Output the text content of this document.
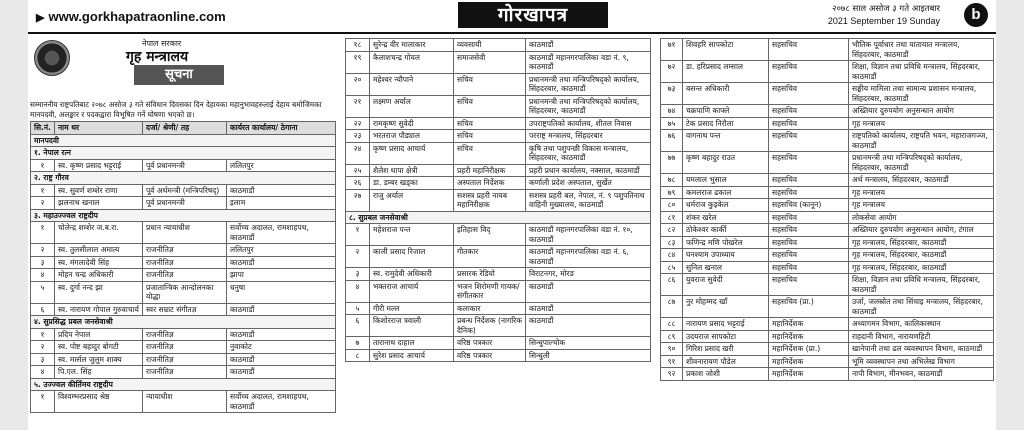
▶ www.gorkhapatraonline.com	गोरखापत्र	२०७८ साल असोज ३ गते आइतबार
2021 September 19 Sunday	b
नेपाल सरकार
गृह मन्त्रालय
सूचना

सम्माननीय राष्ट्रपतिबाट २०७८ असोज ३ गते संविधान दिवसका दिन देहायका महानुभावहरुलाई देहाय बमोजिमका मानपदवी, अलङ्कार र पदकद्वारा विभूषित गर्ने घोषणा भएको छ।

सि.नं.	नाम थर	दर्जा/ श्रेणी/ तह	कार्यरत कार्यालय/ ठेगाना
मानपदवी			
१. नेपाल रत्न			
१	स्व. कृष्ण प्रसाद भट्टराई	पूर्व प्रधानमन्त्री	ललितपुर
२. राष्ट्र गौरव			
१	स्व. सुवर्ण शम्शेर राणा	पूर्व अर्थमन्त्री (मन्त्रिपरिषद्)	काठमाडौं
२	झलनाथ खनाल	पूर्व प्रधानमन्त्री	इलाम
३. महाउज्ज्वल राष्ट्रदीप			
१	चोलेन्द्र शम्शेर ज.ब.रा.	प्रधान न्यायाधीश	सर्वोच्च अदालत, रामशाहपथ, काठमाडौं
२	स्व. तुलसीलाल अमात्य	राजनीतिज्ञ	ललितपुर
३	स्व. मंगलादेवी सिंह	राजनीतिज्ञ	काठमाडौं
४	मोहन चन्द्र अधिकारी	राजनीतिज्ञ	झापा
५	स्व. दुर्गा नन्द झा	प्रजातान्त्रिक आन्दोलनका योद्धा	धनुषा
६	स्व. नारायण गोपाल गुरुवाचार्य	स्वर सम्राट संगीतज्ञ	काठमाडौं
४. सुप्रसिद्ध प्रबल जनसेवाश्री			
१	प्रदिप नेपाल	राजनीतिज्ञ	काठमाडौं
२	स्व. पोष्ट बहादुर बोगटी	राजनीतिज्ञ	नुवाकोट
३	स्व. मार्सल जुलुम शाक्य	राजनीतिज्ञ	काठमाडौं
४	पि.एल. सिंह	राजनीतिज्ञ	काठमाडौं
५. उज्ज्वल कीर्तिमय राष्ट्रदीप			
१	विश्वम्भरप्रसाद श्रेष्ठ	न्यायाधीश	सर्वोच्च अदालत, रामशाहपथ, काठमाडौं
१८	सुरेन्द्र वीर मालाकार	व्यवसायी	काठमाडौं
१९	कैलाशचन्द्र गोयल	समाजसेवी	काठमाडौं महानगरपालिका वडा नं. ९, काठमाडौं
२०	महेश्वर न्यौपाने	सचिव	प्रधानमन्त्री तथा मन्त्रिपरिषद्को कार्यालय, सिंहदरबार, काठमाडौं
२१	लक्ष्मण अर्याल	सचिव	प्रधानमन्त्री तथा मन्त्रिपरिषद्को कार्यालय, सिंहदरबार, काठमाडौं
२२	रामकृष्ण सुवेदी	सचिव	उपराष्ट्रपतिको कार्यालय, शीतल निवास
२३	भरतराज पौड्याल	सचिव	परराष्ट्र मन्त्रालय, सिंहदरबार
२४	कृष्ण प्रसाद आचार्य	सचिव	कृषि तथा पशुपन्छी विकास मन्त्रालय, सिंहदरबार, काठमाडौं
२५	शैलेश थापा क्षेत्री	प्रहरी महानिरीक्षक	प्रहरी प्रधान कार्यालय, नक्साल, काठमाडौं
२६	डा. डम्बर खड्का	अस्पताल निर्देशक	कर्णाली प्रदेश अस्पताल, सुर्खेत
२७	राजु अर्याल	सशस्त्र प्रहरी नायब महानिरीक्षक	सशस्त्र प्रहरी बल, नेपाल, नं. ९ पशुपतिनाथ वाहिनी मुख्यालय, काठमाडौं
८. सुप्रबल जनसेवाश्री			
१	महेशराज पन्त	इतिहास विद्	काठमाडौं महानगरपालिका वडा नं. १०, काठमाडौं
२	काली प्रसाद रिजाल	गीतकार	काठमाडौं महानगरपालिका वडा नं. ६, काठमाडौं
३	स्व. रामुदेवी अधिकारी	प्रसारक रेडियो	विराटनगर, मोरङ
४	भक्तराज आचार्य	भजन शिरोमणी गायक/ संगीतकार	काठमाडौं
५	गीरी मल्ल	कलाकार	काठमाडौं
६	किशोरराज त्रवाली	प्रबन्ध निर्देशक (नागरिक दैनिक)	काठमाडौं
७	तारानाथ दाहाल	वरिष्ठ पत्रकार	सिन्धुपाल्चोक
८	सुरेश प्रसाद आचार्य	वरिष्ठ पत्रकार	सिन्धुली
७१	शिवहरि सापकोटा	सहसचिव	भौतिक पूर्वाधार तथा यातायात मन्त्रालय, सिंहदरबार, काठमाडौं
७२	डा. हरिप्रसाद लम्साल	सहसचिव	शिक्षा, विज्ञान तथा प्रविधि मन्त्रालय, सिंहदरबार, काठमाडौं
७३	बसन्त अधिकारी	सहसचिव	सङ्घीय मामिला तथा सामान्य प्रशासन मन्त्रालय, सिंहदरबार, काठमाडौं
७४	चक्रपाणि काफ्ले	सहसचिव	अख्तियार दुरुपयोग अनुसन्धान आयोग
७५	टेक प्रसाद निरौला	सहसचिव	गृह मन्त्रालय
७६	वागनाथ पन्त	सहसचिव	राष्ट्रपतिको कार्यालय, राष्ट्रपति भवन, महाराजगञ्ज, काठमाडौं
७७	कृष्ण बहादुर राउत	सहसचिव	प्रधानमन्त्री तथा मन्त्रिपरिषद्को कार्यालय, सिंहदरबार, काठमाडौं
७८	यमलाल भुसाल	सहसचिव	अर्थ मन्त्रालय, सिंहदरबार, काठमाडौं
७९	कमलराज ढकाल	सहसचिव	गृह मन्त्रालय
८०	धर्मराज कुइकेल	सहसचिव (कानून)	गृह मन्त्रालय
८१	शंकर खरेल	सहसचिव	लोकसेवा आयोग
८२	ठोकेश्वर कार्की	सहसचिव	अख्तियार दुरुपयोग अनुसन्धान आयोग, टंगाल
८३	फणिन्द्र मणि पोखरेल	सहसचिव	गृह मन्त्रालय, सिंहदरबार, काठमाडौं
८४	घनश्याम उपाध्याय	सहसचिव	गृह मन्त्रालय, सिंहदरबार, काठमाडौं
८५	सुनिल खनाल	सहसचिव	गृह मन्त्रालय, सिंहदरबार, काठमाडौं
८६	युवराज सुवेदी	सहसचिव	शिक्षा, विज्ञान तथा प्रविधि मन्त्रालय, सिंहदरबार, काठमाडौं
८७	नुर मोहम्मद खाँ	सहसचिव (प्रा.)	उर्जा, जलस्रोत तथा सिंचाइ मन्त्रालय, सिंहदरबार, काठमाडौं
८८	नारायण प्रसाद भट्टराई	महानिर्देशक	अध्यागमन विभाग, कालिकास्थान
८९	उदयराज सापकोटा	महानिर्देशक	राहदानी विभाग, नारायणहिटी
९०	गिरिश प्रसाद खरी	महानिर्देशक (प्रा.)	खानेपानी तथा ढल व्यवस्थापन विभाग, काठमाडौं
९१	शीवनारायण पौडेल	महानिर्देशक	भूमि व्यवस्थापन तथा अभिलेख विभाग
९२	प्रकाश जोशी	महानिर्देशक	नापी विभाग, मीनभवन, काठमाडौं
